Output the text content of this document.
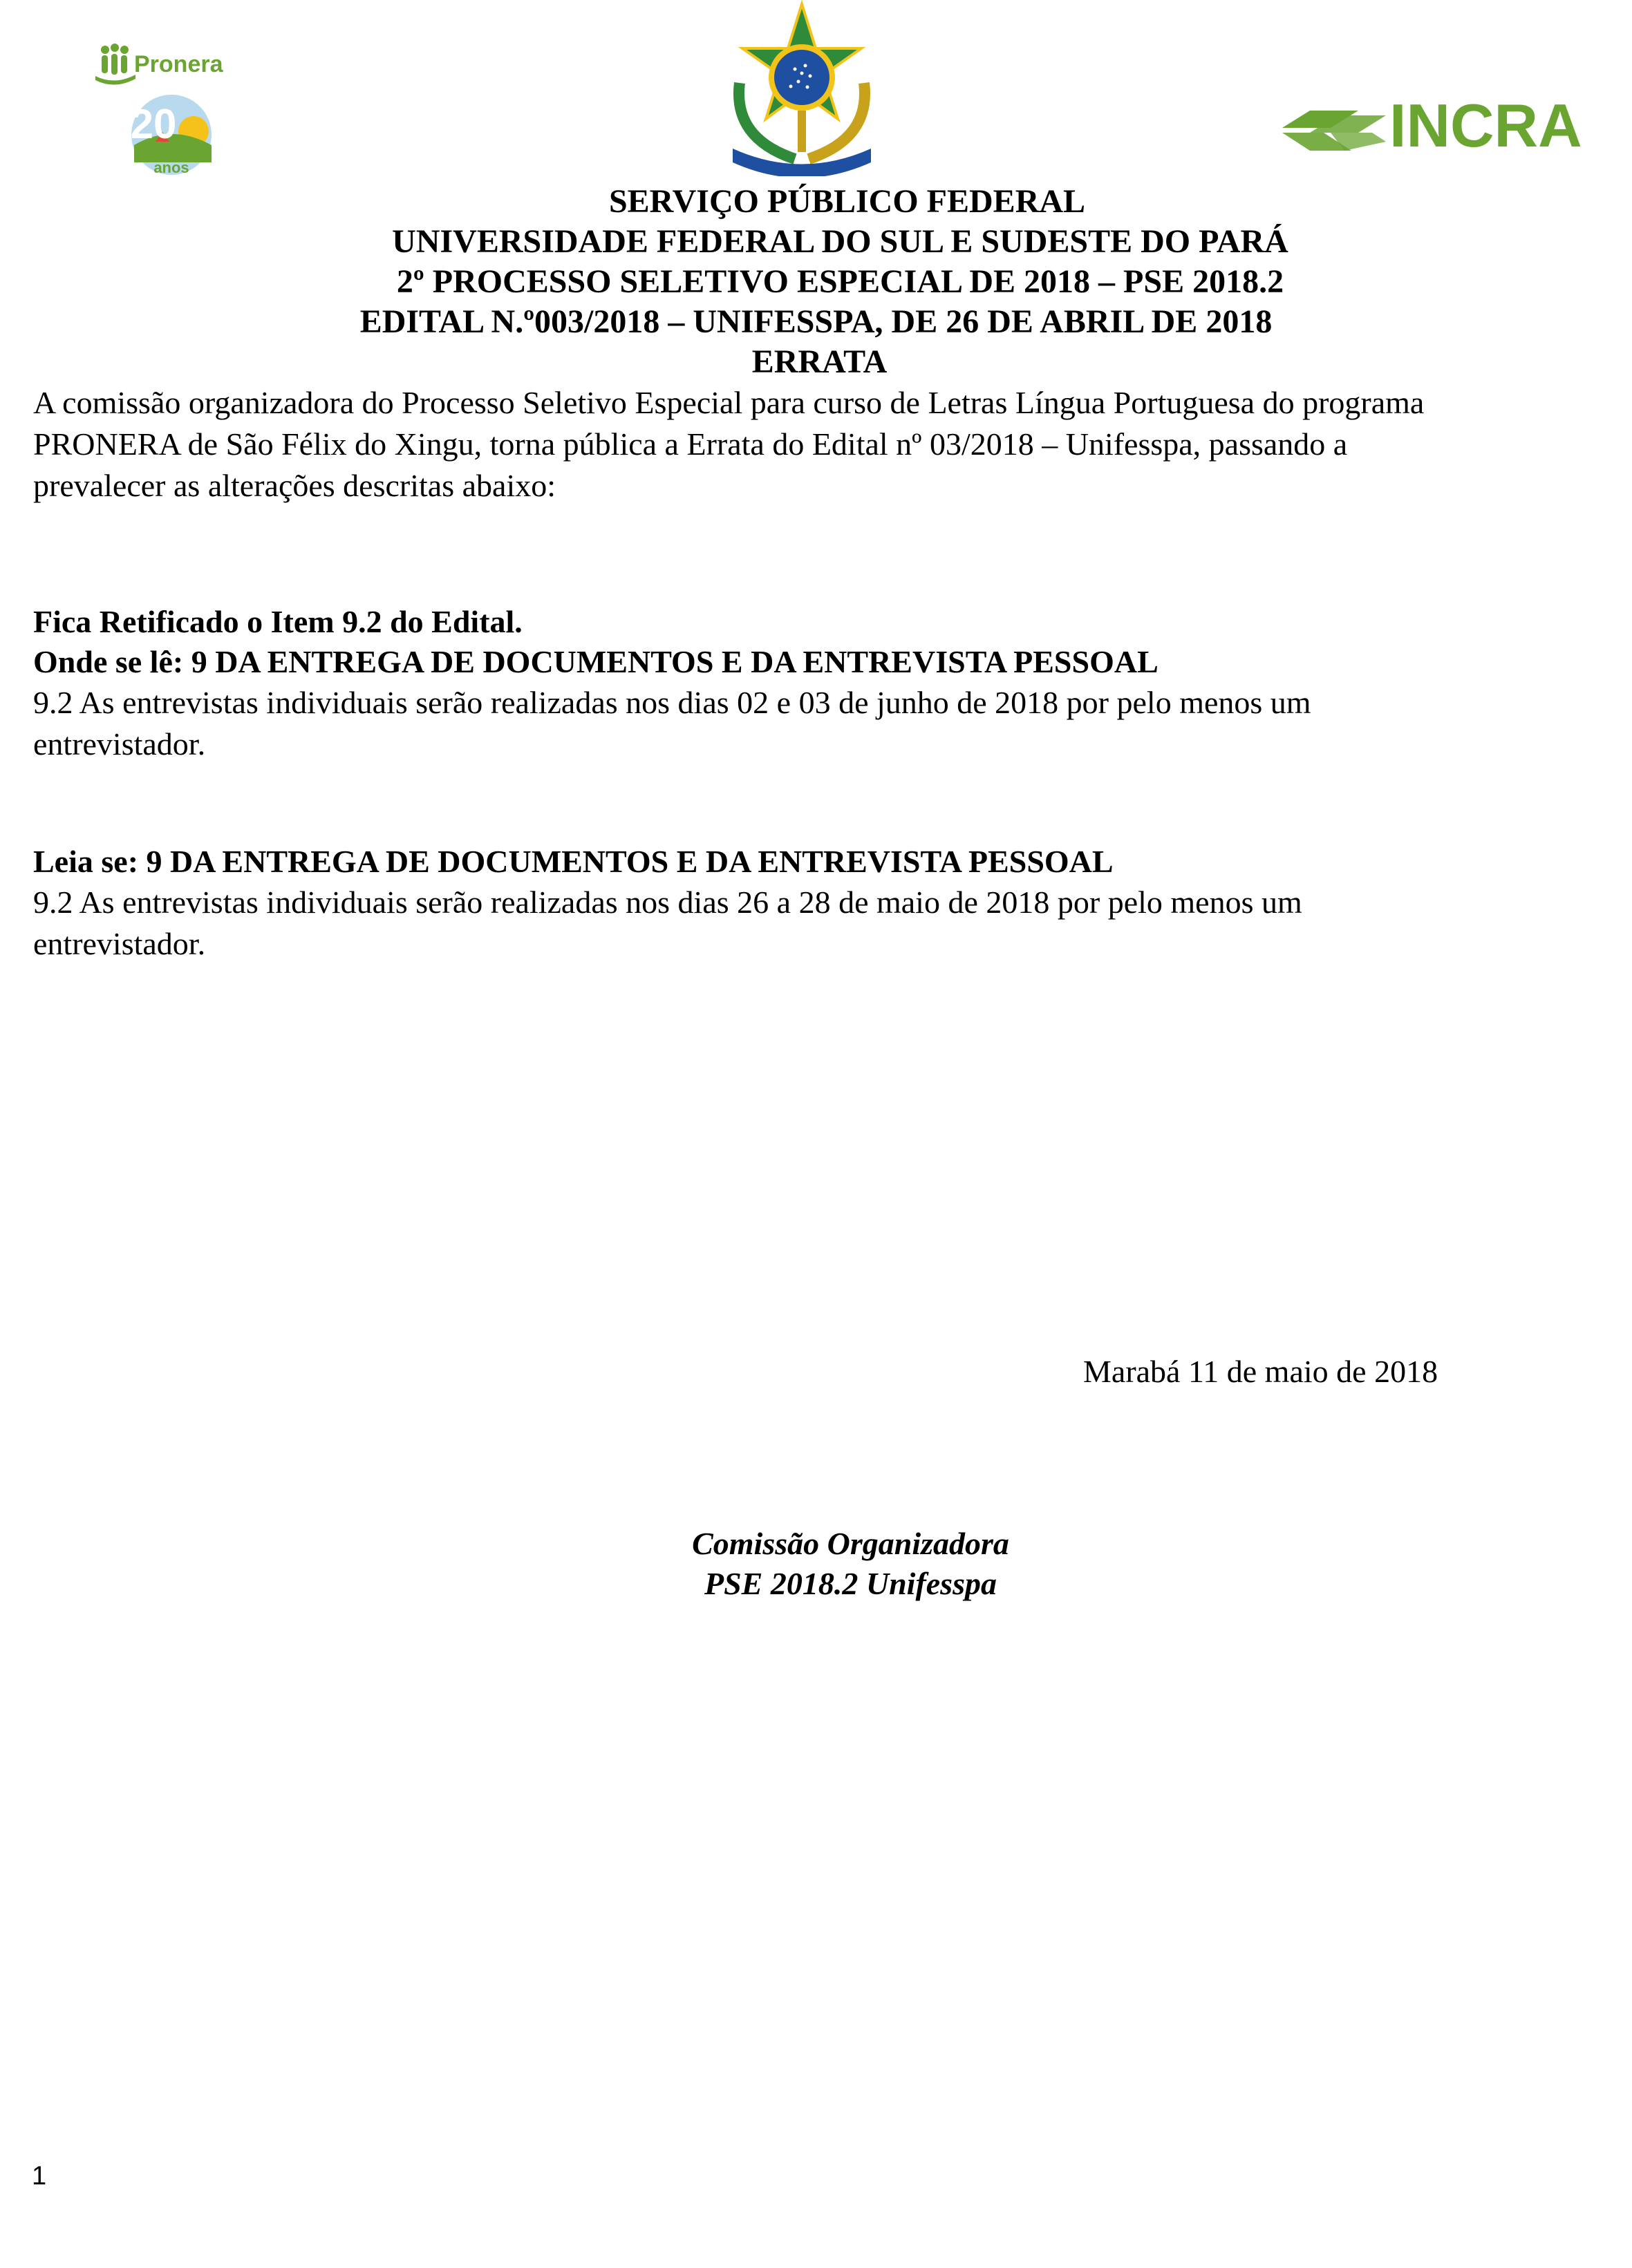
Pronera
20
anos
INCRA
SERVIÇO PÚBLICO FEDERAL
UNIVERSIDADE FEDERAL DO SUL E SUDESTE DO PARÁ
2º PROCESSO SELETIVO ESPECIAL DE 2018 – PSE 2018.2
EDITAL N.º003/2018 – UNIFESSPA, DE 26 DE ABRIL DE 2018
ERRATA
A comissão organizadora do Processo Seletivo Especial para curso de Letras Língua Portuguesa do programa
PRONERA de São Félix do Xingu, torna pública a Errata do Edital nº 03/2018 – Unifesspa, passando a
prevalecer as alterações descritas abaixo:
Fica Retificado o Item 9.2 do Edital.
Onde se lê: 9 DA ENTREGA DE DOCUMENTOS E DA ENTREVISTA PESSOAL
9.2 As entrevistas individuais serão realizadas nos dias 02 e 03 de junho de 2018 por pelo menos um
entrevistador.
Leia se: 9 DA ENTREGA DE DOCUMENTOS E DA ENTREVISTA PESSOAL
9.2 As entrevistas individuais serão realizadas nos dias 26 a 28 de maio de 2018 por pelo menos um
entrevistador.
Marabá 11 de maio de 2018
Comissão Organizadora
PSE 2018.2 Unifesspa
1
